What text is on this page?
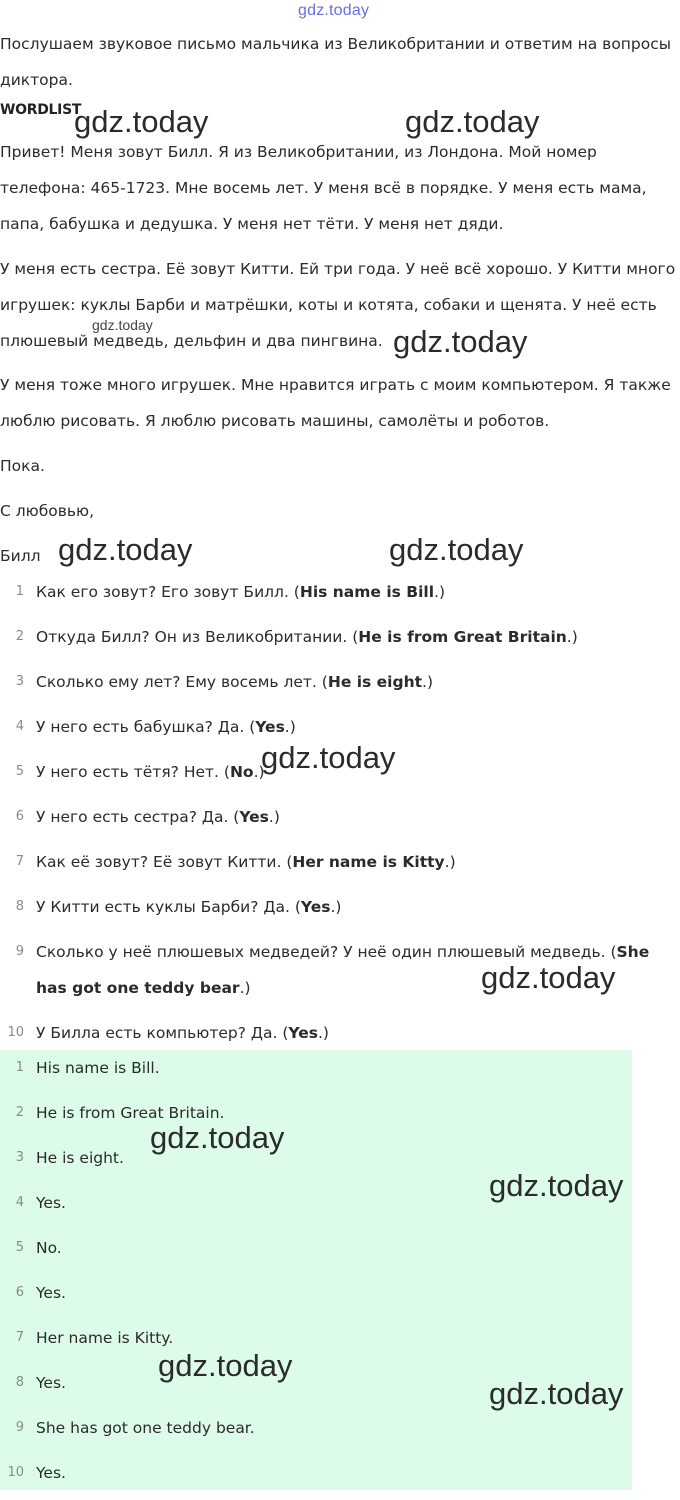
gdz.today

Послушаем звуковое письмо мальчика из Великобритании и ответим на вопросы диктора.

WORDLIST

Привет! Меня зовут Билл. Я из Великобритании, из Лондона. Мой номер телефона: 465-1723. Мне восемь лет. У меня всё в порядке. У меня есть мама, папа, бабушка и дедушка. У меня нет тёти. У меня нет дяди.

У меня есть сестра. Её зовут Китти. Ей три года. У неё всё хорошо. У Китти много игрушек: куклы Барби и матрёшки, коты и котята, собаки и щенята. У неё есть плюшевый медведь, дельфин и два пингвина.

У меня тоже много игрушек. Мне нравится играть с моим компьютером. Я также люблю рисовать. Я люблю рисовать машины, самолёты и роботов.

Пока.

С любовью,

Билл

1 Как его зовут? Его зовут Билл. (His name is Bill.)
2 Откуда Билл? Он из Великобритании. (He is from Great Britain.)
3 Сколько ему лет? Ему восемь лет. (He is eight.)
4 У него есть бабушка? Да. (Yes.)
5 У него есть тётя? Нет. (No.)
6 У него есть сестра? Да. (Yes.)
7 Как её зовут? Её зовут Китти. (Her name is Kitty.)
8 У Китти есть куклы Барби? Да. (Yes.)
9 Сколько у неё плюшевых медведей? У неё один плюшевый медведь. (She has got one teddy bear.)
10 У Билла есть компьютер? Да. (Yes.)
1 His name is Bill.
2 He is from Great Britain.
3 He is eight.
4 Yes.
5 No.
6 Yes.
7 Her name is Kitty.
8 Yes.
9 She has got one teddy bear.
10 Yes.
gdz.today	gdz.today
gdz.today	gdz.today
gdz.today	gdz.today
gdz.today
gdz.today
gdz.today
gdz.today
gdz.today
gdz.today
